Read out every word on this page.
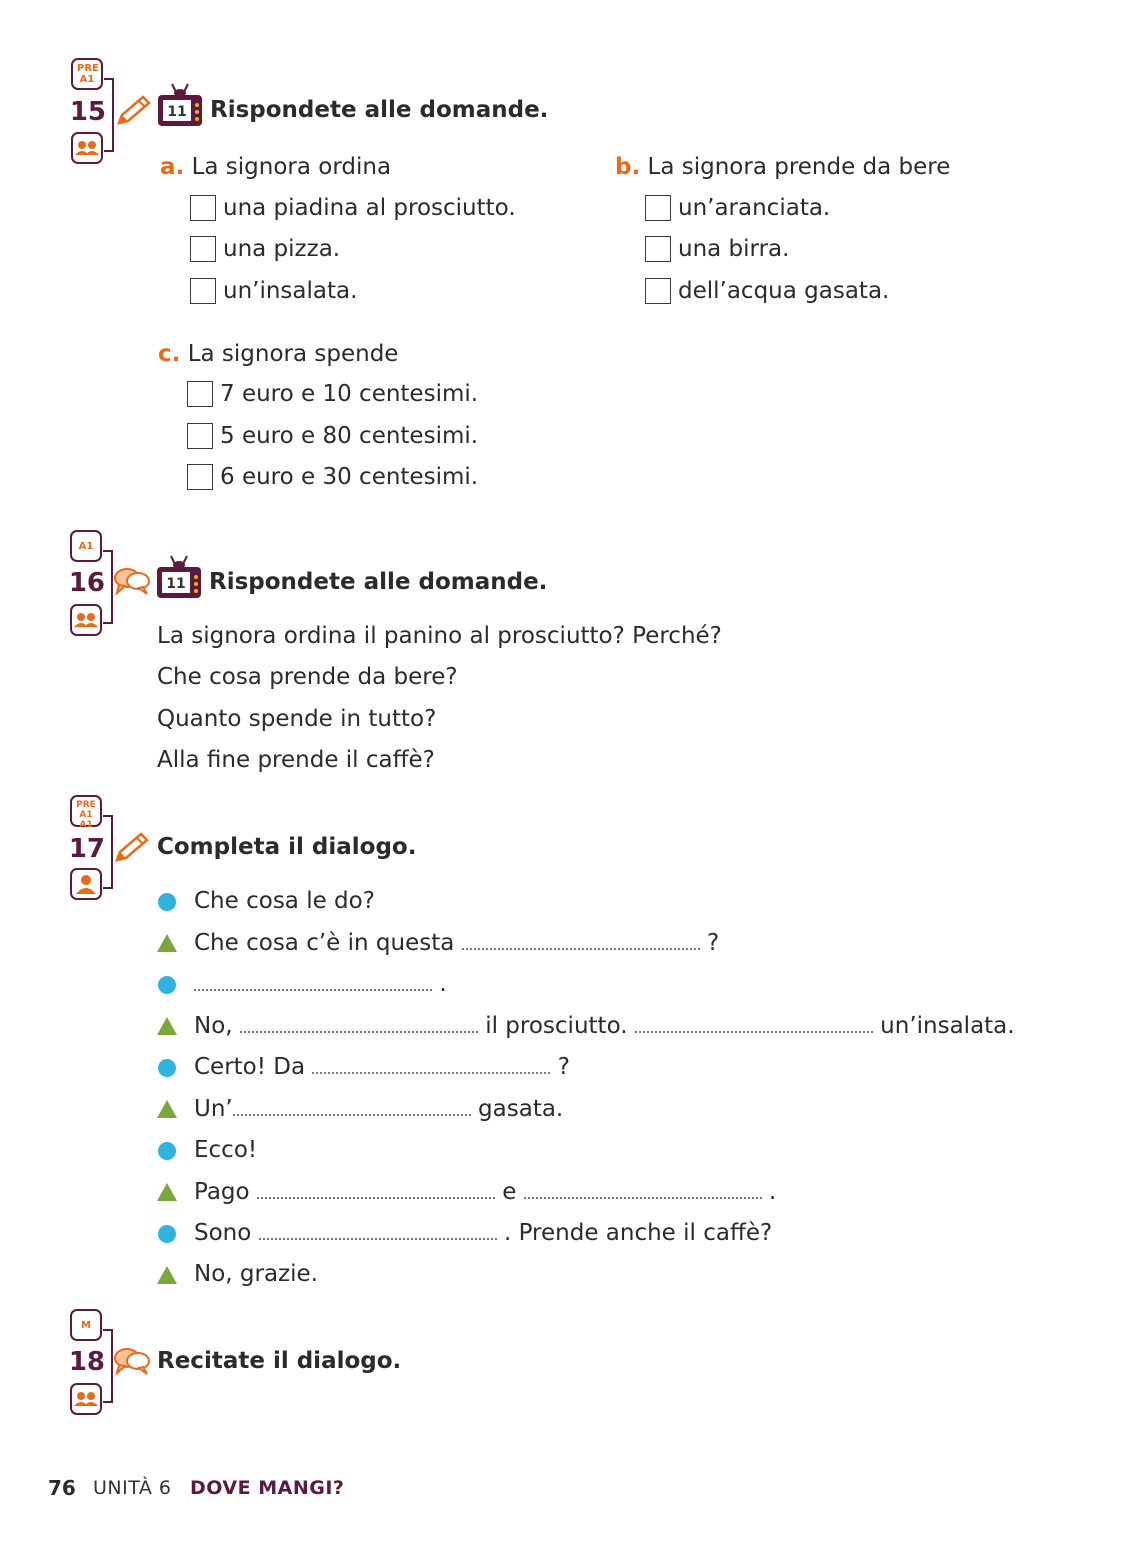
PRE A1
15	11 Rispondete alle domande.
a. La signora ordina
una piadina al prosciutto.
una pizza.
un’insalata.
b. La signora prende da bere
un’aranciata.
una birra.
dell’acqua gasata.
c. La signora spende
7 euro e 10 centesimi.
5 euro e 80 centesimi.
6 euro e 30 centesimi.
A1
16	11 Rispondete alle domande.
La signora ordina il panino al prosciutto? Perché?
Che cosa prende da bere?
Quanto spende in tutto?
Alla fine prende il caffè?
PRE A1
A1
17 Completa il dialogo.
Che cosa le do?
Che cosa c’è in questa	?
.
No,	il prosciutto.	un’insalata.
Certo! Da	?
Un’	gasata.
Ecco!
Pago	e	.
Sono	. Prende anche il caffè?
No, grazie.
M
18 Recitate il dialogo.
76 UNITÀ 6 DOVE MANGI?
